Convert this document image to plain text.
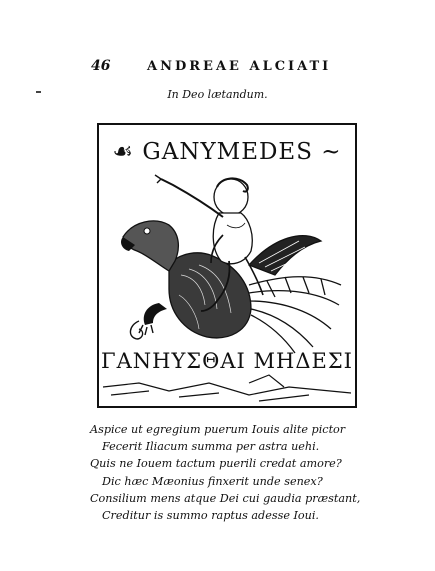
46	ANDREAE ALCIATI
In Deo lætandum.
☙ GANYMEDES ~
ΓΑΝΗΥΣΘΑΙ ΜΗΔΕΣΙ
Aspice ut egregium puerum Iouis alite pictor
Fecerit Iliacum summa per astra uehi.
Quis ne Iouem tactum puerili credat amore?
Dic hæc Mæonius finxerit unde senex?
Consilium mens atque Dei cui gaudia præstant,
Creditur is summo raptus adesse Ioui.
